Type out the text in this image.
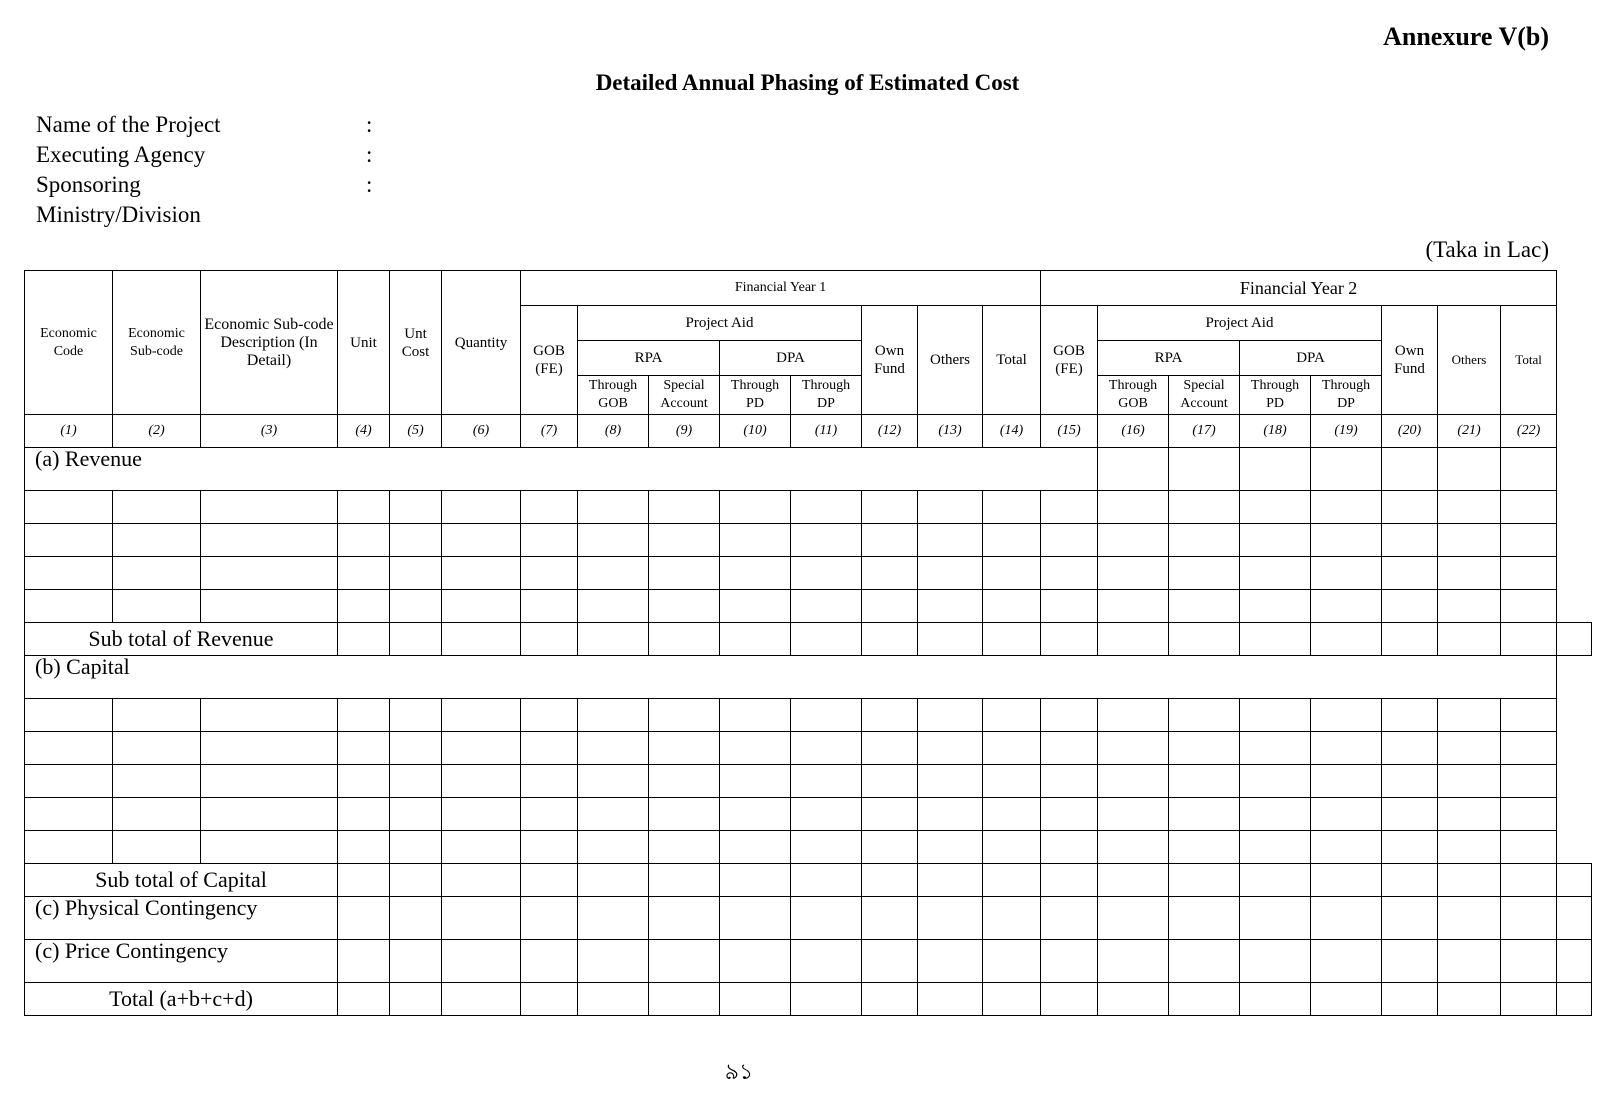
Annexure V(b)
Detailed Annual Phasing of Estimated Cost
Name of the Project	:
Executing Agency	:
Sponsoring Ministry/Division
:
(Taka in Lac)
Economic Code	Economic Sub-code	Economic Sub-code Description (In Detail)	Unit	Unt Cost	Quantity	Financial Year 1								Financial Year 2								
						GOB (FE)	Project Aid				Own Fund	Others	Total	GOB (FE)	Project Aid				Own Fund	Others	Total	
							RPA		DPA						RPA		DPA					
							Through GOB	Special Account	Through PD	Through DP					Through GOB	Special Account	Through PD	Through DP				
(1)	(2)	(3)	(4)	(5)	(6)	(7)	(8)	(9)	(10)	(11)	(12)	(13)	(14)	(15)	(16)	(17)	(18)	(19)	(20)	(21)	(22)	
(a) Revenue																						

Sub total of Revenue																						
(b) Capital																						

Sub total of Capital																						
(c) Physical Contingency																						
(c) Price Contingency																						
Total (a+b+c+d)																						
৯১
